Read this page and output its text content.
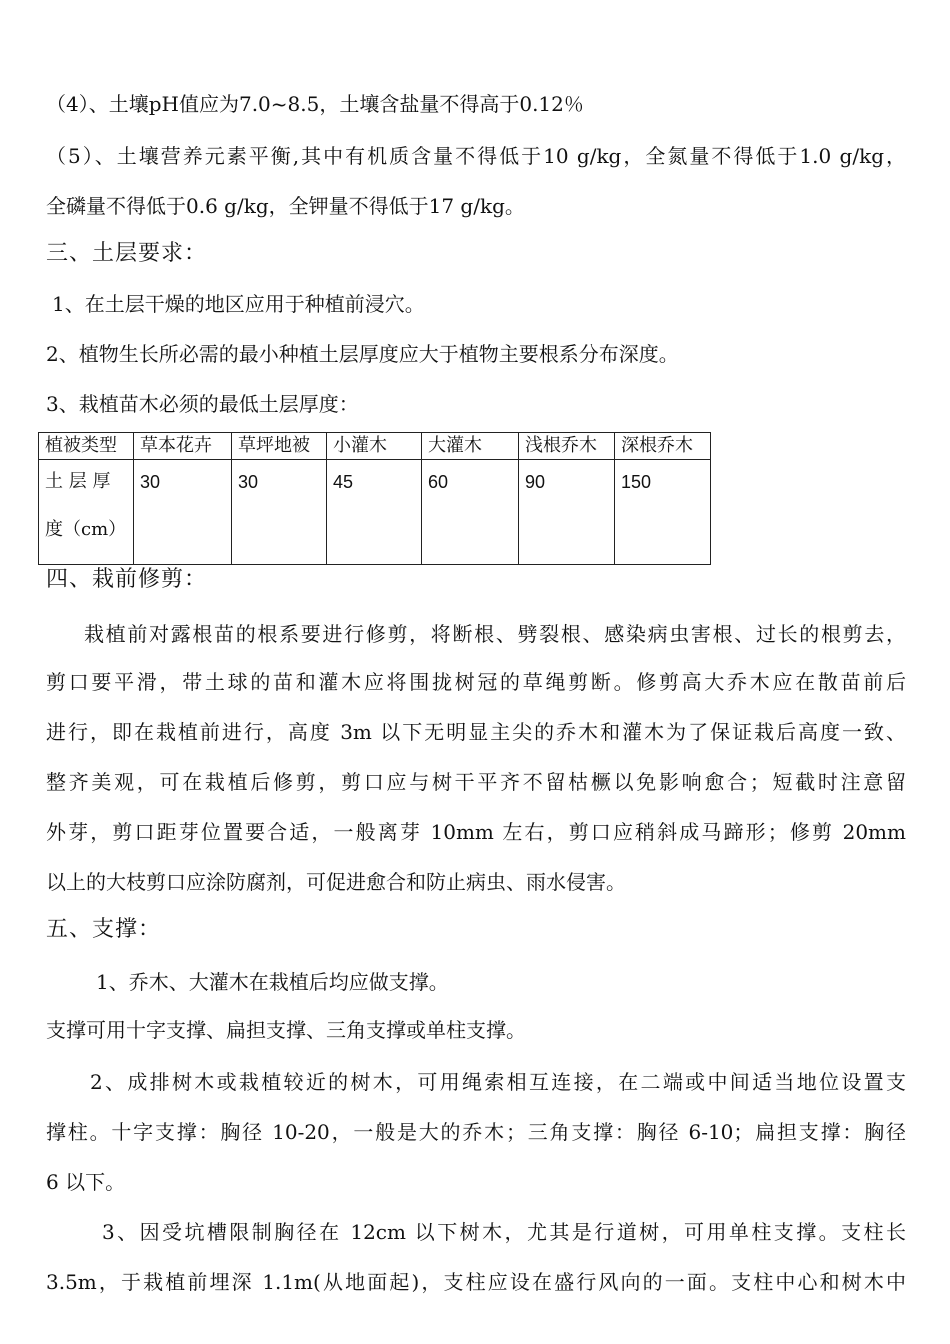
（4）、土壤pH值应为7.0~8.5，土壤含盐量不得高于0.12％
（5）、土壤营养元素平衡,其中有机质含量不得低于10 g/kg，全氮量不得低于1.0 g/kg，
全磷量不得低于0.6 g/kg，全钾量不得低于17 g/kg。
三、土层要求：
1、在土层干燥的地区应用于种植前浸穴。
2、植物生长所必需的最小种植土层厚度应大于植物主要根系分布深度。
3、栽植苗木必须的最低土层厚度：
植被类型	草本花卉	草坪地被	小灌木	大灌木	浅根乔木	深根乔木

土 层 厚
度（cm）	30	30	45	60	90	150
四、栽前修剪：
栽植前对露根苗的根系要进行修剪，将断根、劈裂根、感染病虫害根、过长的根剪去，
剪口要平滑，带土球的苗和灌木应将围拢树冠的草绳剪断。修剪高大乔木应在散苗前后
进行，即在栽植前进行，高度 3m 以下无明显主尖的乔木和灌木为了保证栽后高度一致、
整齐美观，可在栽植后修剪，剪口应与树干平齐不留枯橛以免影响愈合；短截时注意留
外芽，剪口距芽位置要合适，一般离芽 10mm 左右，剪口应稍斜成马蹄形；修剪 20mm
以上的大枝剪口应涂防腐剂，可促进愈合和防止病虫、雨水侵害。
五、支撑：
1、乔木、大灌木在栽植后均应做支撑。
支撑可用十字支撑、扁担支撑、三角支撑或单柱支撑。
2、成排树木或栽植较近的树木，可用绳索相互连接，在二端或中间适当地位设置支
撑柱。十字支撑：胸径 10-20，一般是大的乔木；三角支撑：胸径 6-10；扁担支撑：胸径
6 以下。
3、因受坑槽限制胸径在 12cm 以下树木，尤其是行道树，可用单柱支撑。支柱长
3.5m，于栽植前埋深 1.1m(从地面起)，支柱应设在盛行风向的一面。支柱中心和树木中
